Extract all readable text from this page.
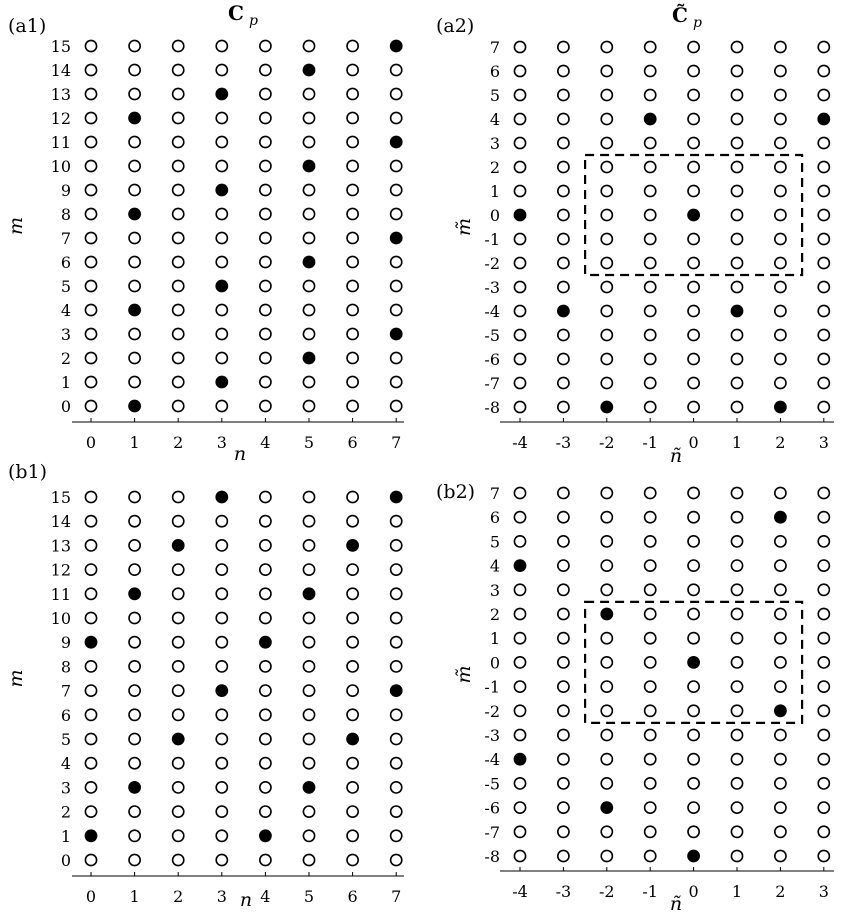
(a1)
C p
0 1 2 3 4 5 6 7
0
1
2
3
4
5
6
7
8
9
10
11
12
13
14
15
n
m
(a2)	C̃ p
-4 -3 -2 -1 0 1 2 3
-8
-7
-6
-5
-4
-3
-2
-1
0
1
2
3
4
5
6
7
ñ
m̃
(b1)
0 1 2 3 4 5 6 7
0
1
2
3
4
5
6
7
8
9
10
11
12
13
14
15
n
m
(b2)
-4 -3 -2 -1 0 1 2 3
-8
-7
-6
-5
-4
-3
-2
-1
0
1
2
3
4
5
6
7
ñ
m̃
